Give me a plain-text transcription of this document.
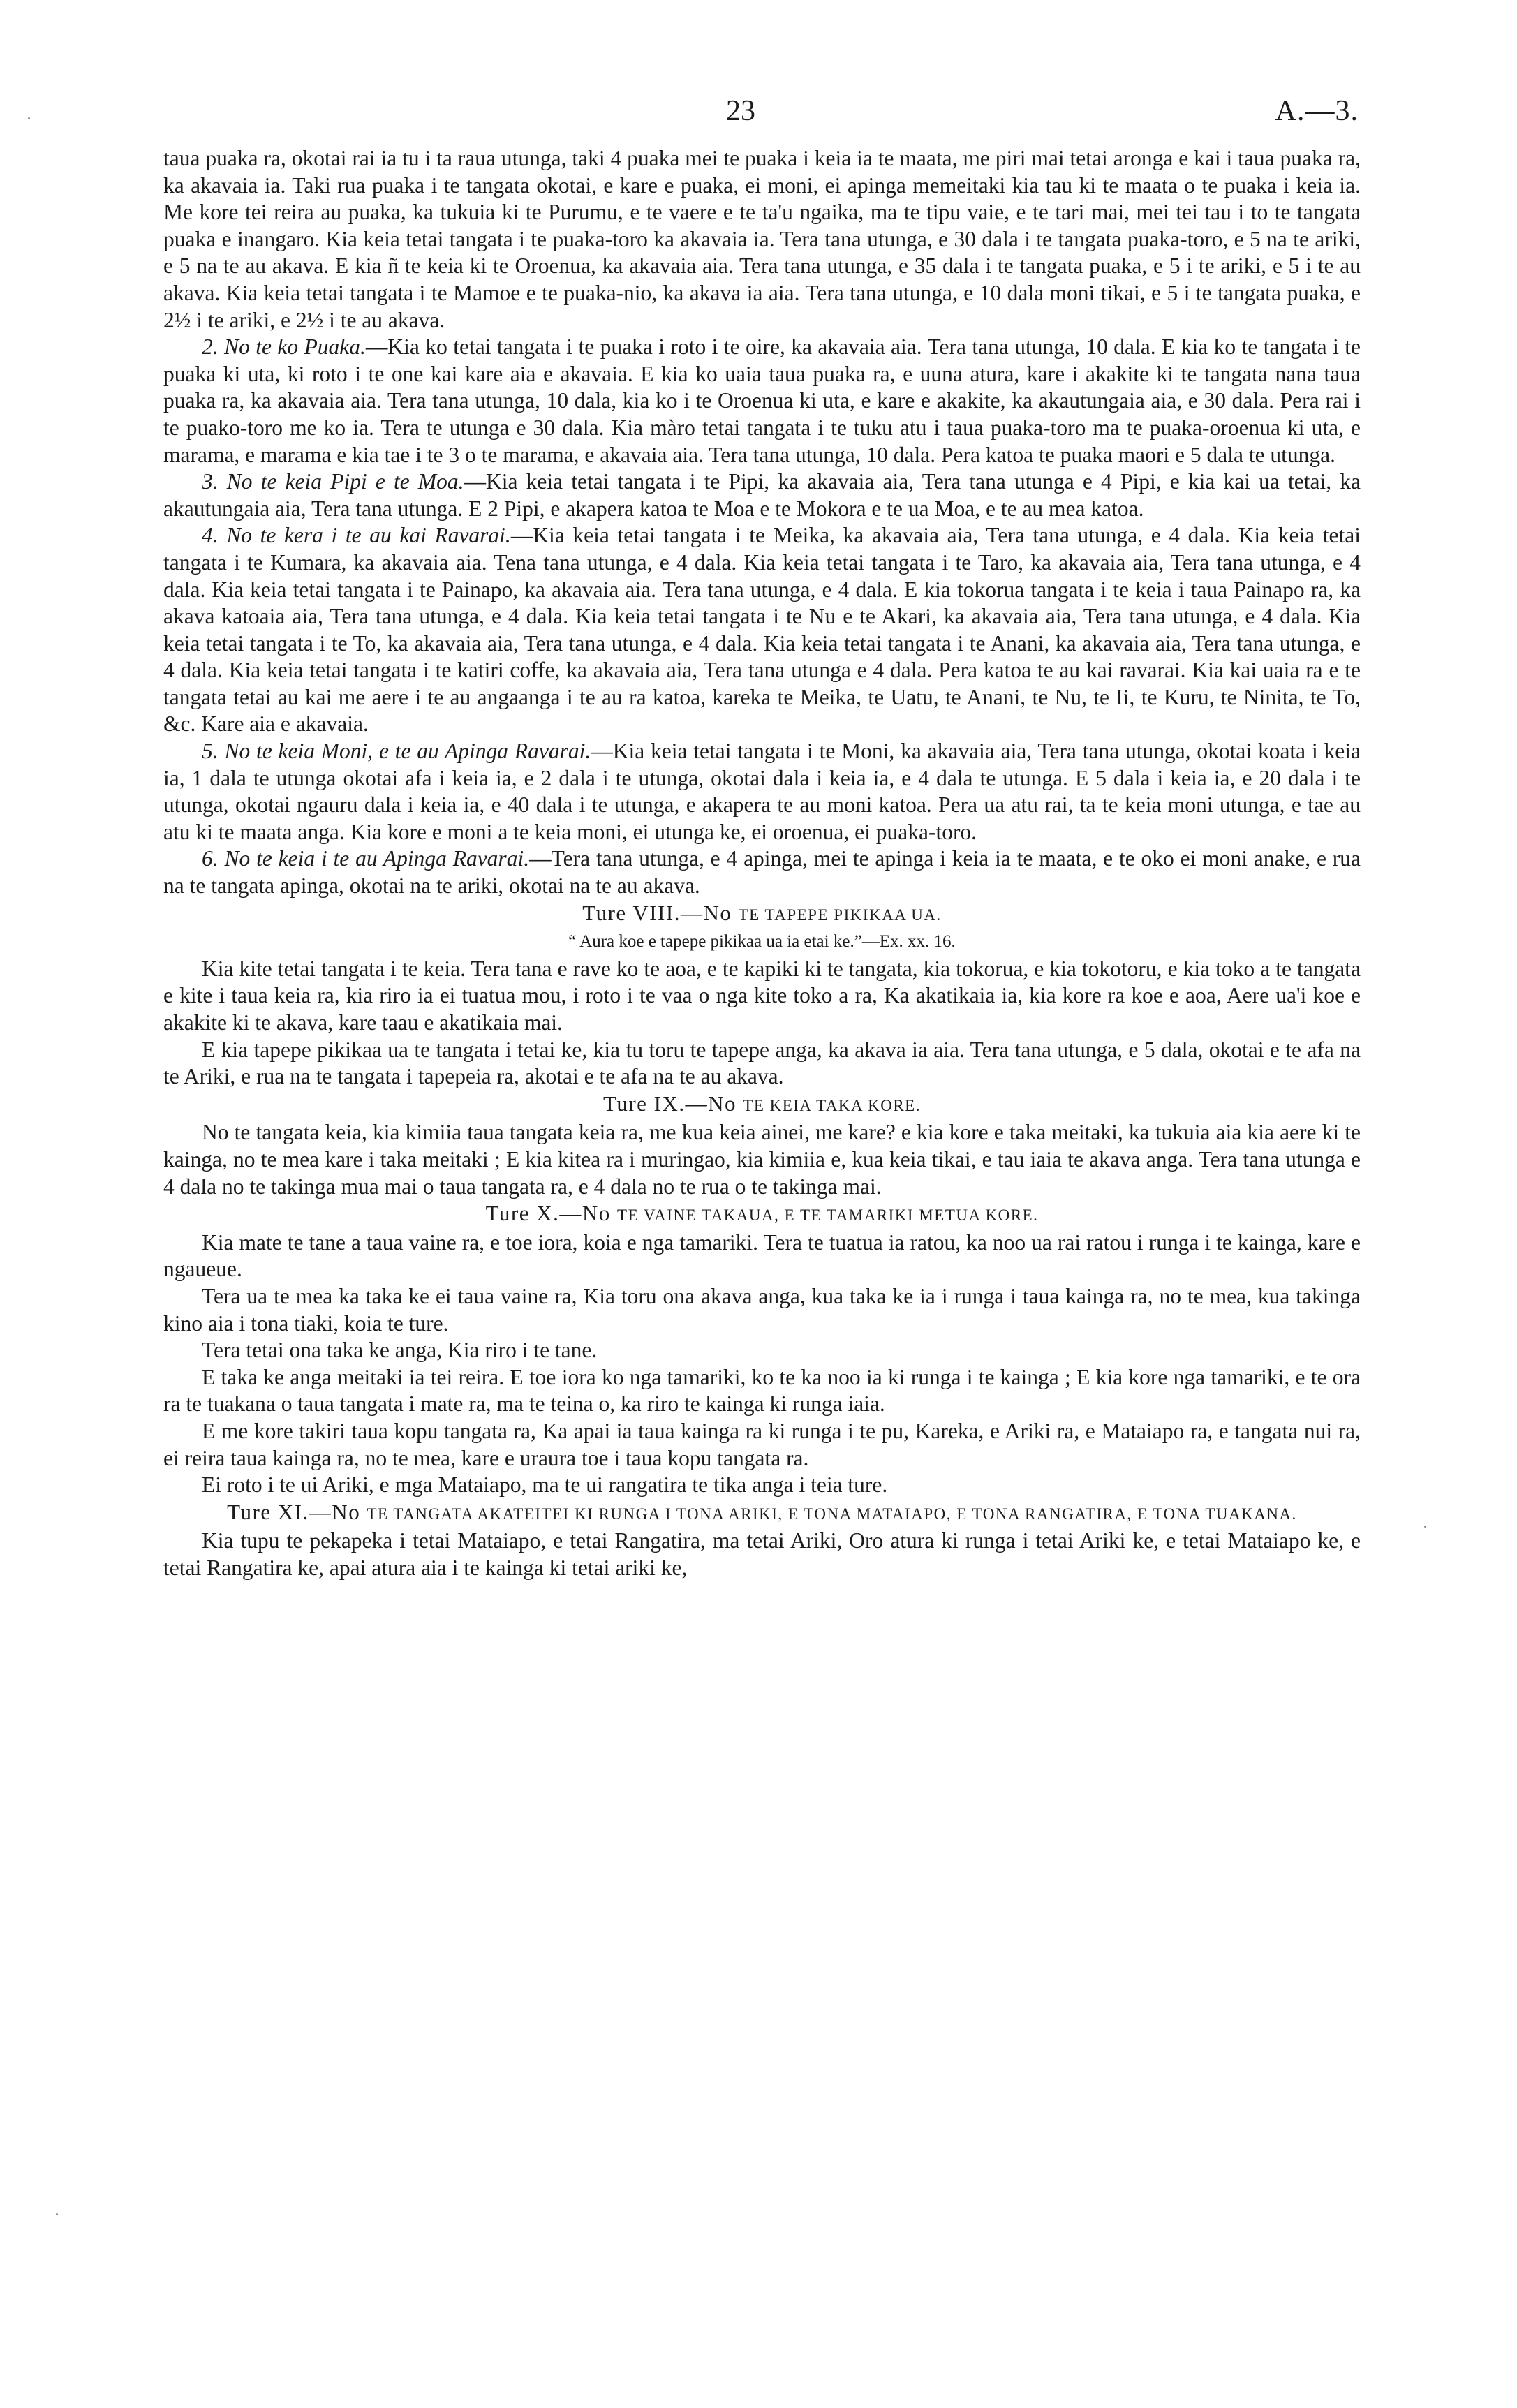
23	A.—3.

taua puaka ra, okotai rai ia tu i ta raua utunga, taki 4 puaka mei te puaka i keia ia te maata, me piri mai tetai aronga e kai i taua puaka ra, ka akavaia ia. Taki rua puaka i te tangata okotai, e kare e puaka, ei moni, ei apinga memeitaki kia tau ki te maata o te puaka i keia ia. Me kore tei reira au puaka, ka tukuia ki te Purumu, e te vaere e te ta'u ngaika, ma te tipu vaie, e te tari mai, mei tei tau i to te tangata puaka e inangaro. Kia keia tetai tangata i te puaka-toro ka akavaia ia. Tera tana utunga, e 30 dala i te tangata puaka-toro, e 5 na te ariki, e 5 na te au akava. E kia ñ te keia ki te Oroenua, ka akavaia aia. Tera tana utunga, e 35 dala i te tangata puaka, e 5 i te ariki, e 5 i te au akava. Kia keia tetai tangata i te Mamoe e te puaka-nio, ka akava ia aia. Tera tana utunga, e 10 dala moni tikai, e 5 i te tangata puaka, e 2½ i te ariki, e 2½ i te au akava.

2. No te ko Puaka.—Kia ko tetai tangata i te puaka i roto i te oire, ka akavaia aia. Tera tana utunga, 10 dala. E kia ko te tangata i te puaka ki uta, ki roto i te one kai kare aia e akavaia. E kia ko uaia taua puaka ra, e uuna atura, kare i akakite ki te tangata nana taua puaka ra, ka akavaia aia. Tera tana utunga, 10 dala, kia ko i te Oroenua ki uta, e kare e akakite, ka akautungaia aia, e 30 dala. Pera rai i te puako-toro me ko ia. Tera te utunga e 30 dala. Kia màro tetai tangata i te tuku atu i taua puaka-toro ma te puaka-oroenua ki uta, e marama, e marama e kia tae i te 3 o te marama, e akavaia aia. Tera tana utunga, 10 dala. Pera katoa te puaka maori e 5 dala te utunga.

3. No te keia Pipi e te Moa.—Kia keia tetai tangata i te Pipi, ka akavaia aia, Tera tana utunga e 4 Pipi, e kia kai ua tetai, ka akautungaia aia, Tera tana utunga. E 2 Pipi, e akapera katoa te Moa e te Mokora e te ua Moa, e te au mea katoa.

4. No te kera i te au kai Ravarai.—Kia keia tetai tangata i te Meika, ka akavaia aia, Tera tana utunga, e 4 dala. Kia keia tetai tangata i te Kumara, ka akavaia aia. Tena tana utunga, e 4 dala. Kia keia tetai tangata i te Taro, ka akavaia aia, Tera tana utunga, e 4 dala. Kia keia tetai tangata i te Painapo, ka akavaia aia. Tera tana utunga, e 4 dala. E kia tokorua tangata i te keia i taua Painapo ra, ka akava katoaia aia, Tera tana utunga, e 4 dala. Kia keia tetai tangata i te Nu e te Akari, ka akavaia aia, Tera tana utunga, e 4 dala. Kia keia tetai tangata i te To, ka akavaia aia, Tera tana utunga, e 4 dala. Kia keia tetai tangata i te Anani, ka akavaia aia, Tera tana utunga, e 4 dala. Kia keia tetai tangata i te katiri coffe, ka akavaia aia, Tera tana utunga e 4 dala. Pera katoa te au kai ravarai. Kia kai uaia ra e te tangata tetai au kai me aere i te au angaanga i te au ra katoa, kareka te Meika, te Uatu, te Anani, te Nu, te Ii, te Kuru, te Ninita, te To, &c. Kare aia e akavaia.

5. No te keia Moni, e te au Apinga Ravarai.—Kia keia tetai tangata i te Moni, ka akavaia aia, Tera tana utunga, okotai koata i keia ia, 1 dala te utunga okotai afa i keia ia, e 2 dala i te utunga, okotai dala i keia ia, e 4 dala te utunga. E 5 dala i keia ia, e 20 dala i te utunga, okotai ngauru dala i keia ia, e 40 dala i te utunga, e akapera te au moni katoa. Pera ua atu rai, ta te keia moni utunga, e tae au atu ki te maata anga. Kia kore e moni a te keia moni, ei utunga ke, ei oroenua, ei puaka-toro.

6. No te keia i te au Apinga Ravarai.—Tera tana utunga, e 4 apinga, mei te apinga i keia ia te maata, e te oko ei moni anake, e rua na te tangata apinga, okotai na te ariki, okotai na te au akava.

Ture VIII.—No TE TAPEPE PIKIKAA UA.

“ Aura koe e tapepe pikikaa ua ia etai ke.”—Ex. xx. 16.

Kia kite tetai tangata i te keia. Tera tana e rave ko te aoa, e te kapiki ki te tangata, kia tokorua, e kia tokotoru, e kia toko a te tangata e kite i taua keia ra, kia riro ia ei tuatua mou, i roto i te vaa o nga kite toko a ra, Ka akatikaia ia, kia kore ra koe e aoa, Aere ua'i koe e akakite ki te akava, kare taau e akatikaia mai.

E kia tapepe pikikaa ua te tangata i tetai ke, kia tu toru te tapepe anga, ka akava ia aia. Tera tana utunga, e 5 dala, okotai e te afa na te Ariki, e rua na te tangata i tapepeia ra, akotai e te afa na te au akava.

Ture IX.—No TE KEIA TAKA KORE.

No te tangata keia, kia kimiia taua tangata keia ra, me kua keia ainei, me kare? e kia kore e taka meitaki, ka tukuia aia kia aere ki te kainga, no te mea kare i taka meitaki ; E kia kitea ra i muringao, kia kimiia e, kua keia tikai, e tau iaia te akava anga. Tera tana utunga e 4 dala no te takinga mua mai o taua tangata ra, e 4 dala no te rua o te takinga mai.

Ture X.—No TE VAINE TAKAUA, E TE TAMARIKI METUA KORE.

Kia mate te tane a taua vaine ra, e toe iora, koia e nga tamariki. Tera te tuatua ia ratou, ka noo ua rai ratou i runga i te kainga, kare e ngaueue.

Tera ua te mea ka taka ke ei taua vaine ra, Kia toru ona akava anga, kua taka ke ia i runga i taua kainga ra, no te mea, kua takinga kino aia i tona tiaki, koia te ture.

Tera tetai ona taka ke anga, Kia riro i te tane.

E taka ke anga meitaki ia tei reira. E toe iora ko nga tamariki, ko te ka noo ia ki runga i te kainga ; E kia kore nga tamariki, e te ora ra te tuakana o taua tangata i mate ra, ma te teina o, ka riro te kainga ki runga iaia.

E me kore takiri taua kopu tangata ra, Ka apai ia taua kainga ra ki runga i te pu, Kareka, e Ariki ra, e Mataiapo ra, e tangata nui ra, ei reira taua kainga ra, no te mea, kare e uraura toe i taua kopu tangata ra.

Ei roto i te ui Ariki, e mga Mataiapo, ma te ui rangatira te tika anga i teia ture.

Ture XI.—No TE TANGATA AKATEITEI KI RUNGA I TONA ARIKI, E TONA MATAIAPO, E TONA RANGATIRA, E TONA TUAKANA.

Kia tupu te pekapeka i tetai Mataiapo, e tetai Rangatira, ma tetai Ariki, Oro atura ki runga i tetai Ariki ke, e tetai Mataiapo ke, e tetai Rangatira ke, apai atura aia i te kainga ki tetai ariki ke,
